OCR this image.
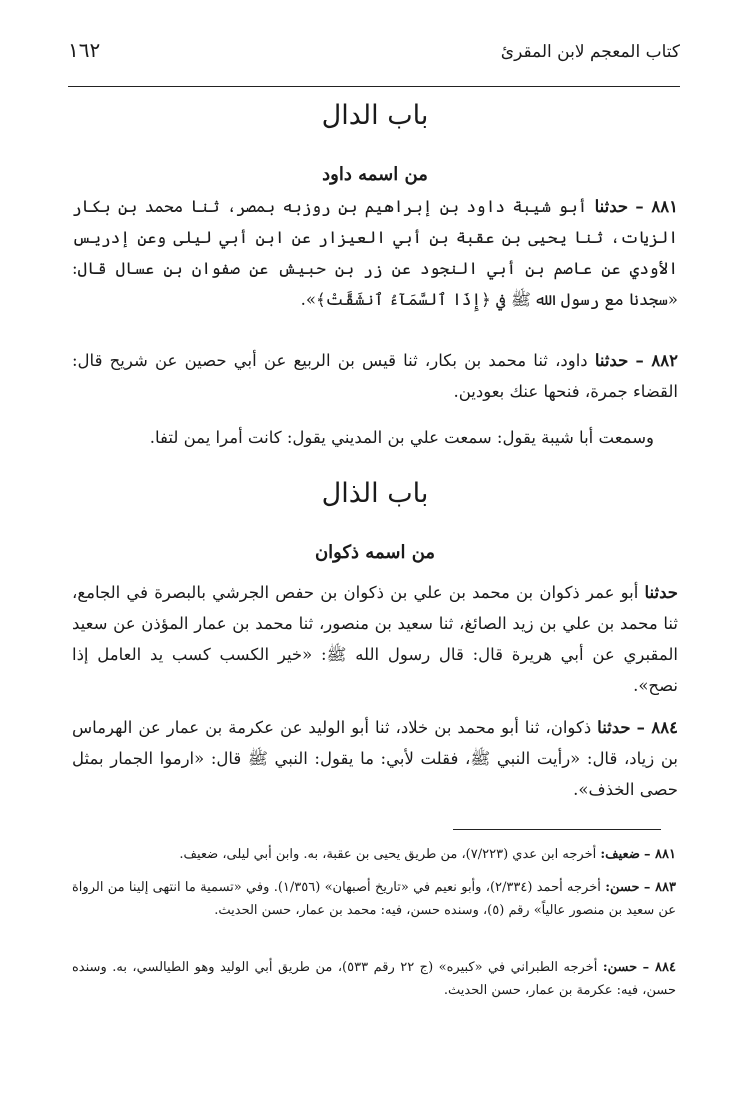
كتاب المعجم لابن المقرئ
١٦٢
باب الدال
من اسمه داود

٨٨١ – حدثنا أبو شيبة داود بن إبراهيم بن روزبه بمصر، ثنا محمد بن بكار الزيات، ثنا يحيى بن عقبة بن أبي العيزار عن ابن أبي ليلى وعن إدريس الأودي عن عاصم بن أبي النجود عن زر بن حبيش عن صفوان بن عسال قال: «سجدنا مع رسول الله ﷺ في ﴿إِذَا ٱلسَّمَآءُ ٱنشَقَّتْ﴾».

٨٨٢ – حدثنا داود، ثنا محمد بن بكار، ثنا قيس بن الربيع عن أبي حصين عن شريح قال: القضاء جمرة، فنحها عنك بعودين.

وسمعت أبا شيبة يقول: سمعت علي بن المديني يقول: كانت أمرا يمن لتفا.

باب الذال
من اسمه ذكوان

حدثنا أبو عمر ذكوان بن محمد بن علي بن ذكوان بن حفص الجرشي بالبصرة في الجامع، ثنا محمد بن علي بن زيد الصائغ، ثنا سعيد بن منصور، ثنا محمد بن عمار المؤذن عن سعيد المقبري عن أبي هريرة قال: قال رسول الله ﷺ: «خير الكسب كسب يد العامل إذا نصح».

٨٨٤ – حدثنا ذكوان، ثنا أبو محمد بن خلاد، ثنا أبو الوليد عن عكرمة بن عمار عن الهرماس بن زياد، قال: «رأيت النبي ﷺ، فقلت لأبي: ما يقول: النبي ﷺ قال: «ارموا الجمار بمثل حصى الخذف».

٨٨١ – ضعيف: أخرجه ابن عدي (٧/٢٢٣)، من طريق يحيى بن عقبة، به. وابن أبي ليلى، ضعيف.

٨٨٣ – حسن: أخرجه أحمد (٢/٣٣٤)، وأبو نعيم في «تاريخ أصبهان» (١/٣٥٦). وفي «تسمية ما انتهى إلينا من الرواة عن سعيد بن منصور عالياً» رقم (٥)، وسنده حسن، فيه: محمد بن عمار، حسن الحديث.

٨٨٤ – حسن: أخرجه الطبراني في «كبيره» (ج ٢٢ رقم ٥٣٣)، من طريق أبي الوليد وهو الطيالسي، به. وسنده حسن، فيه: عكرمة بن عمار، حسن الحديث.
